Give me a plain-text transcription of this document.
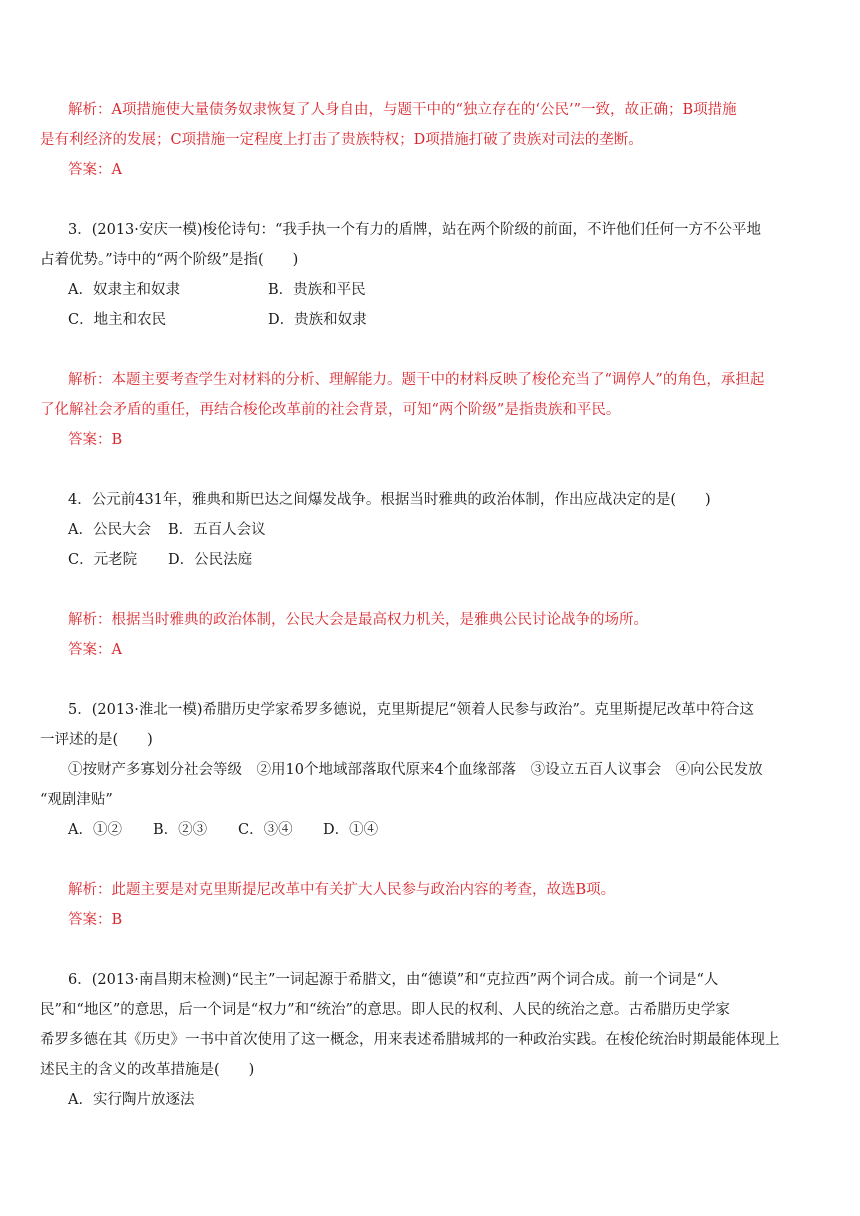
解析：A项措施使大量债务奴隶恢复了人身自由，与题干中的“独立存在的‘公民’”一致，故正确；B项措施

是有利经济的发展；C项措施一定程度上打击了贵族特权；D项措施打破了贵族对司法的垄断。

答案：A

3．(2013·安庆一模)梭伦诗句：“我手执一个有力的盾牌，站在两个阶级的前面，不许他们任何一方不公平地

占着优势。”诗中的“两个阶级”是指(　　)

A．奴隶主和奴隶	B．贵族和平民

C．地主和农民	D．贵族和奴隶

解析：本题主要考查学生对材料的分析、理解能力。题干中的材料反映了梭伦充当了“调停人”的角色，承担起

了化解社会矛盾的重任，再结合梭伦改革前的社会背景，可知“两个阶级”是指贵族和平民。

答案：B

4．公元前431年，雅典和斯巴达之间爆发战争。根据当时雅典的政治体制，作出应战决定的是(　　)

A．公民大会 B．五百人会议

C．元老院 D．公民法庭

解析：根据当时雅典的政治体制，公民大会是最高权力机关，是雅典公民讨论战争的场所。

答案：A

5．(2013·淮北一模)希腊历史学家希罗多德说，克里斯提尼“领着人民参与政治”。克里斯提尼改革中符合这

一评述的是(　　)

①按财产多寡划分社会等级　②用10个地域部落取代原来4个血缘部落　③设立五百人议事会　④向公民发放

“观剧津贴”

A．①② B．②③ C．③④ D．①④

解析：此题主要是对克里斯提尼改革中有关扩大人民参与政治内容的考查，故选B项。

答案：B

6．(2013·南昌期末检测)“民主”一词起源于希腊文，由“德谟”和“克拉西”两个词合成。前一个词是“人

民”和“地区”的意思，后一个词是“权力”和“统治”的意思。即人民的权利、人民的统治之意。古希腊历史学家

希罗多德在其《历史》一书中首次使用了这一概念，用来表述希腊城邦的一种政治实践。在梭伦统治时期最能体现上

述民主的含义的改革措施是(　　)

A．实行陶片放逐法
